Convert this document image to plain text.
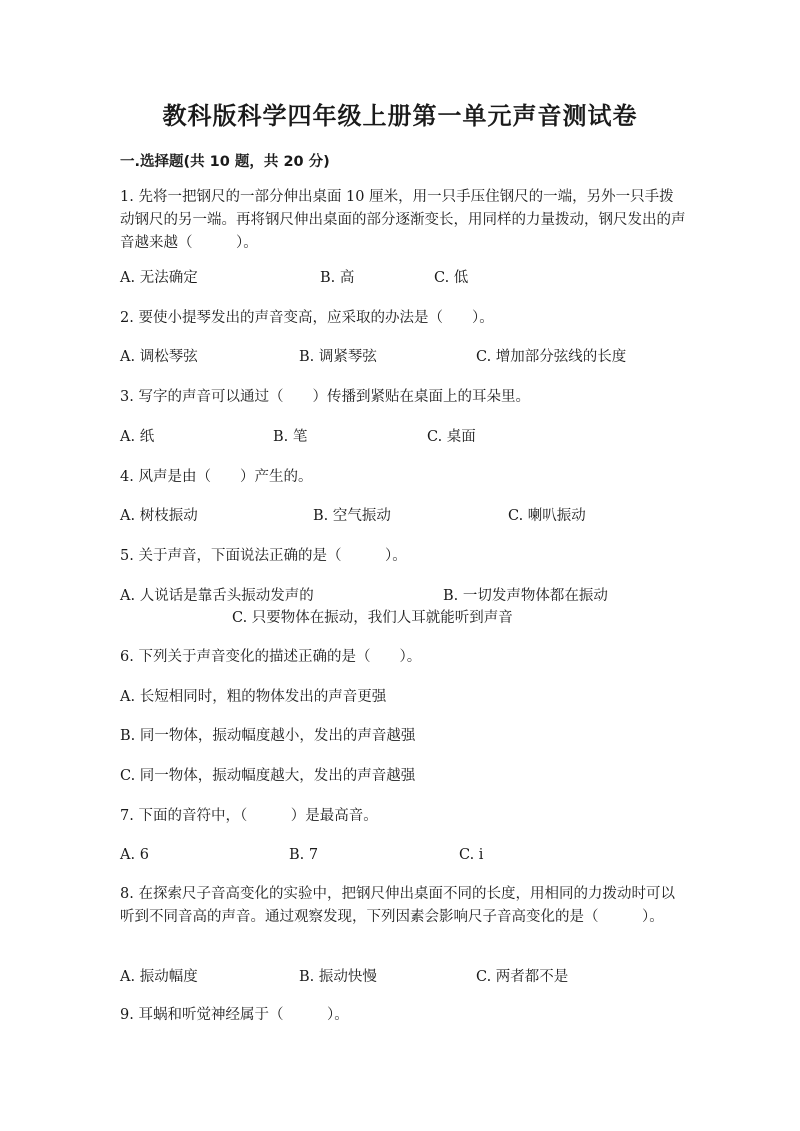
教科版科学四年级上册第一单元声音测试卷
一.选择题(共 10 题，共 20 分)
1. 先将一把钢尺的一部分伸出桌面 10 厘米，用一只手压住钢尺的一端，另外一只手拨动钢尺的另一端。再将钢尺伸出桌面的部分逐渐变长，用同样的力量拨动，钢尺发出的声音越来越（　　　）。
A. 无法确定	B. 高	C. 低
2. 要使小提琴发出的声音变高，应采取的办法是（　　）。
A. 调松琴弦	B. 调紧琴弦	C. 增加部分弦线的长度
3. 写字的声音可以通过（　　）传播到紧贴在桌面上的耳朵里。
A. 纸	B. 笔	C. 桌面
4. 风声是由（　　）产生的。
A. 树枝振动	B. 空气振动	C. 喇叭振动
5. 关于声音，下面说法正确的是（　　　）。
A. 人说话是靠舌头振动发声的	B. 一切发声物体都在振动
C. 只要物体在振动，我们人耳就能听到声音
6. 下列关于声音变化的描述正确的是（　　）。
A. 长短相同时，粗的物体发出的声音更强
B. 同一物体，振动幅度越小，发出的声音越强
C. 同一物体，振动幅度越大，发出的声音越强
7. 下面的音符中，（　　　）是最高音。
A. 6	B. 7	C. i
8. 在探索尺子音高变化的实验中，把钢尺伸出桌面不同的长度，用相同的力拨动时可以听到不同音高的声音。通过观察发现，下列因素会影响尺子音高变化的是（　　　）。
A. 振动幅度	B. 振动快慢	C. 两者都不是
9. 耳蜗和听觉神经属于（　　　）。
